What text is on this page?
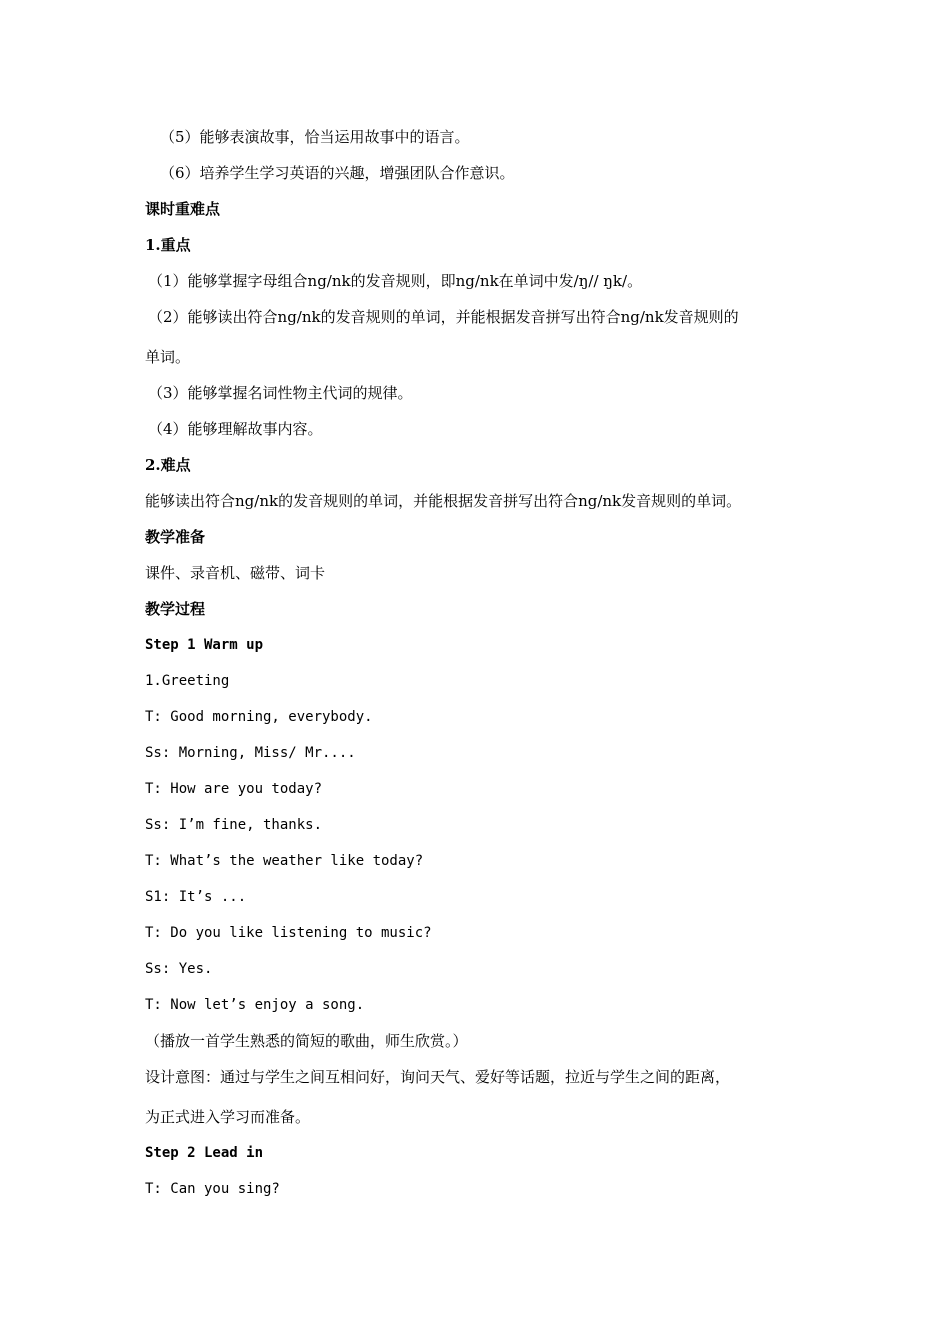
（5）能够表演故事，恰当运用故事中的语言。
（6）培养学生学习英语的兴趣，增强团队合作意识。
课时重难点
1.重点
（1）能够掌握字母组合ng/nk的发音规则，即ng/nk在单词中发/ŋ// ŋk/。
（2）能够读出符合ng/nk的发音规则的单词，并能根据发音拼写出符合ng/nk发音规则的
单词。
（3）能够掌握名词性物主代词的规律。
（4）能够理解故事内容。
2.难点
能够读出符合ng/nk的发音规则的单词，并能根据发音拼写出符合ng/nk发音规则的单词。
教学准备
课件、录音机、磁带、词卡
教学过程
Step 1 Warm up
1.Greeting
T: Good morning, everybody.
Ss: Morning, Miss/ Mr....
T: How are you today?
Ss: I’m fine, thanks.
T: What’s the weather like today?
S1: It’s ...
T: Do you like listening to music?
Ss: Yes.
T: Now let’s enjoy a song.
（播放一首学生熟悉的简短的歌曲，师生欣赏。）
设计意图：通过与学生之间互相问好，询问天气、爱好等话题，拉近与学生之间的距离，
为正式进入学习而准备。
Step 2 Lead in
T: Can you sing?
